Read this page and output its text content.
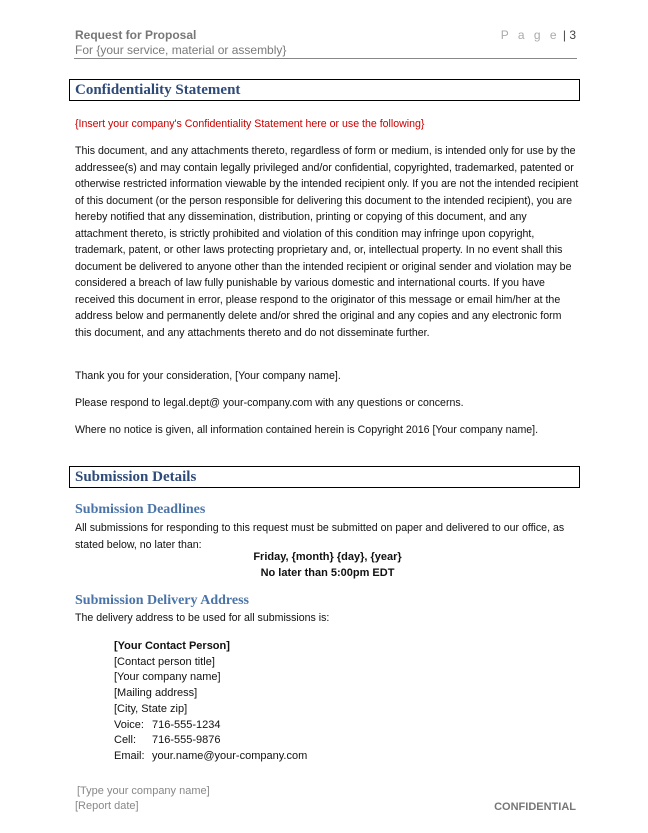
Request for Proposal
For {your service, material or assembly}
P a g e | 3
Confidentiality Statement
{Insert your company's Confidentiality Statement here or use the following}
This document, and any attachments thereto, regardless of form or medium, is intended only for use by the addressee(s) and may contain legally privileged and/or confidential, copyrighted, trademarked, patented or otherwise restricted information viewable by the intended recipient only. If you are not the intended recipient of this document (or the person responsible for delivering this document to the intended recipient), you are hereby notified that any dissemination, distribution, printing or copying of this document, and any attachment thereto, is strictly prohibited and violation of this condition may infringe upon copyright, trademark, patent, or other laws protecting proprietary and, or, intellectual property. In no event shall this document be delivered to anyone other than the intended recipient or original sender and violation may be considered a breach of law fully punishable by various domestic and international courts. If you have received this document in error, please respond to the originator of this message or email him/her at the address below and permanently delete and/or shred the original and any copies and any electronic form this document, and any attachments thereto and do not disseminate further.
Thank you for your consideration, [Your company name].
Please respond to legal.dept@ your-company.com with any questions or concerns.
Where no notice is given, all information contained herein is Copyright 2016 [Your company name].
Submission Details
Submission Deadlines
All submissions for responding to this request must be submitted on paper and delivered to our office, as stated below, no later than:
Friday, {month} {day}, {year}
No later than 5:00pm EDT
Submission Delivery Address
The delivery address to be used for all submissions is:
[Your Contact Person]
[Contact person title]
[Your company name]
[Mailing address]
[City, State zip]
Voice: 716-555-1234
Cell: 716-555-9876
Email: your.name@your-company.com
[Type your company name]
[Report date]	CONFIDENTIAL
